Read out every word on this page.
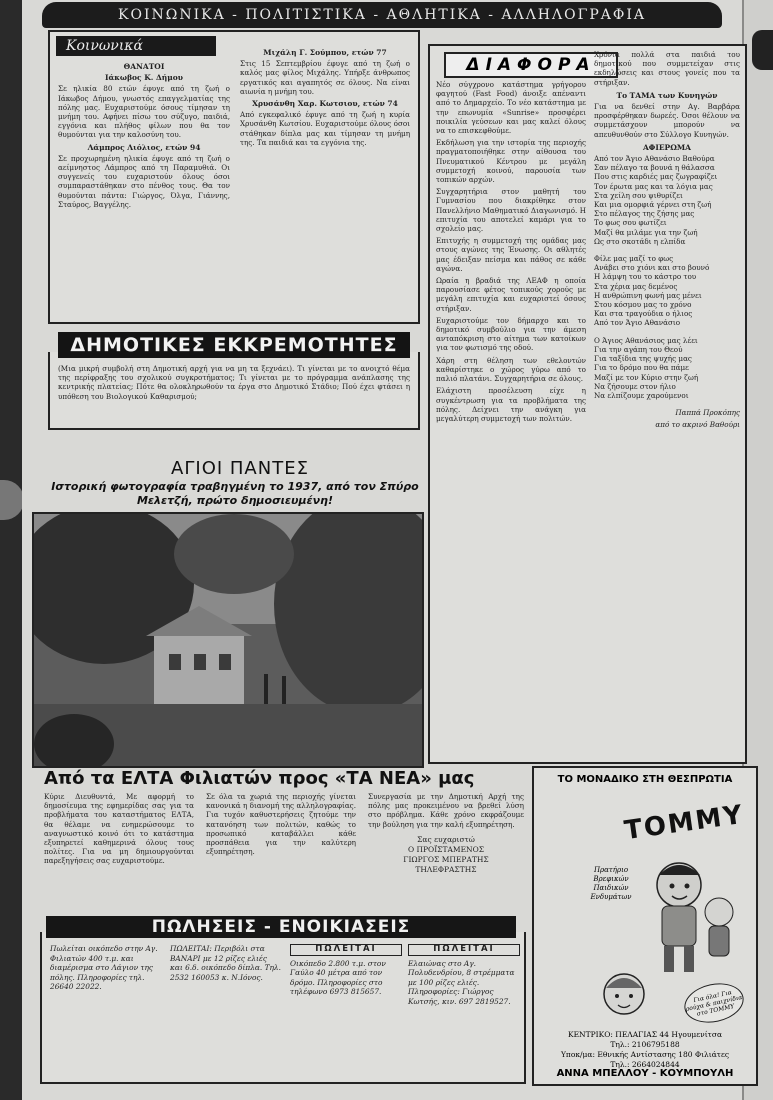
ΚΟΙΝΩΝΙΚΑ - ΠΟΛΙΤΙΣΤΙΚΑ - ΑΘΛΗΤΙΚΑ - ΑΛΛΗΛΟΓΡΑΦΙΑ
Κοινωνικά
ΘΑΝΑΤΟΙ
Ιάκωβος Κ. Δήμου

Σε ηλικία 80 ετών έφυγε από τη ζωή ο Ιάκωβος Δήμου, γνωστός επαγγελματίας της πόλης μας. Ευχαριστούμε όσους τίμησαν τη μνήμη του. Αφήνει πίσω του σύζυγο, παιδιά, εγγόνια και πλήθος φίλων που θα τον θυμούνται για την καλοσύνη του.

Λάμπρος Λιόλιος, ετών 94

Σε προχωρημένη ηλικία έφυγε από τη ζωή ο αείμνηστος Λάμπρος από τη Παραμυθιά. Οι συγγενείς του ευχαριστούν όλους όσοι συμπαραστάθηκαν στο πένθος τους. Θα τον θυμούνται πάντα: Γιώργος, Όλγα, Γιάννης, Σταύρος, Βαγγέλης.

Μιχάλη Γ. Σούμπου, ετών 77

Στις 15 Σεπτεμβρίου έφυγε από τη ζωή ο καλός μας φίλος Μιχάλης. Υπήρξε άνθρωπος εργατικός και αγαπητός σε όλους. Να είναι αιωνία η μνήμη του.

Χρυσάνθη Χαρ. Κωτσιου, ετών 74

Από εγκεφαλικό έφυγε από τη ζωή η κυρία Χρυσάνθη Κωτσίου. Ευχαριστούμε όλους όσοι στάθηκαν δίπλα μας και τίμησαν τη μνήμη της. Τα παιδιά και τα εγγόνια της.

(Μια μικρή συμβολή στη Δημοτική αρχή για να μη τα ξεχνάει). Τι γίνεται με το ανοιχτό θέμα της περίφραξης του σχολικού συγκροτήματος; Τι γίνεται με το πρόγραμμα ανάπλασης της κεντρικής πλατείας; Πότε θα ολοκληρωθούν τα έργα στο Δημοτικό Στάδιο; Πού έχει φτάσει η υπόθεση του Βιολογικού Καθαρισμού;
ΔΗΜΟΤΙΚΕΣ ΕΚΚΡΕΜΟΤΗΤΕΣ
ΑΓΙΟΙ ΠΑΝΤΕΣ
Ιστορική φωτογραφία τραβηγμένη το 1937, από τον Σπύρο Μελετζή, πρώτο δημοσιευμένη!
ΔΙΑΦΟΡΑ

Νέο σύγχρονο κατάστημα γρήγορου φαγητού (Fast Food) άνοιξε απέναντι από το Δημαρχείο. Το νέο κατάστημα με την επωνυμία «Sunrise» προσφέρει ποικιλία γεύσεων και μας καλεί όλους να το επισκεφθούμε.

Εκδήλωση για την ιστορία της περιοχής πραγματοποιήθηκε στην αίθουσα του Πνευματικού Κέντρου με μεγάλη συμμετοχή κοινού, παρουσία των τοπικών αρχών.

Συγχαρητήρια στον μαθητή του Γυμνασίου που διακρίθηκε στον Πανελλήνιο Μαθηματικό Διαγωνισμό. Η επιτυχία του αποτελεί καμάρι για το σχολείο μας.

Επιτυχής η συμμετοχή της ομάδας μας στους αγώνες της Ένωσης. Οι αθλητές μας έδειξαν πείσμα και πάθος σε κάθε αγώνα.

Ωραία η βραδιά της ΛΕΑΦ η οποία παρουσίασε φέτος τοπικούς χορούς με μεγάλη επιτυχία και ευχαριστεί όσους στήριξαν.

Ευχαριστούμε τον δήμαρχο και το δημοτικό συμβούλιο για την άμεση ανταπόκριση στο αίτημα των κατοίκων για τον φωτισμό της οδού.

Χάρη στη θέληση των εθελοντών καθαρίστηκε ο χώρος γύρω από το παλιό πλατάνι. Συγχαρητήρια σε όλους.

Ελάχιστη προσέλευση είχε η συγκέντρωση για τα προβλήματα της πόλης. Δείχνει την ανάγκη για μεγαλύτερη συμμετοχή των πολιτών.

Χρόνια πολλά στα παιδιά του δημοτικού που συμμετείχαν στις εκδηλώσεις και στους γονείς που τα στήριξαν.

Το ΤΑΜΑ των Κυνηγών

Για να δενθεί στην Αγ. Βαρβάρα προσφέρθηκαν δωρεές. Όσοι θέλουν να συμμετάσχουν μπορούν να απευθυνθούν στο Σύλλογο Κυνηγών.

ΑΦΙΕΡΩΜΑ

Από τον Άγιο Αθανάσιο Βαθούρα

Σαν πέλαγο τα βουνά η θάλασσα

Που στις καρδιές μας ζωγραφίζει

Τον έρωτα μας και τα λόγια μας

Στα χείλη σου ψιθυρίζει

Και μια ομορφιά γέρνει στη ζωή

Στο πέλαγος της ζήσης μας

Το φως σου φωτίζει

Μαζί θα μιλάμε για την ζωή

Ως στο σκοτάδι η ελπίδα

Φίλε μας μαζί το φως

Ανάβει στο χιόνι και στο βουνό

Η λάμψη του το κάστρο του

Στα χέρια μας δεμένος

Η ανθρώπινη φωνή μας μένει

Στου κόσμου μας το χρόνο

Και στα τραγούδια ο ήλιος

Από τον Άγιο Αθανάσιο

Ο Άγιος Αθανάσιος μας λέει

Για την αγάπη του Θεού

Για ταξίδια της ψυχής μας

Για το δρόμο που θα πάμε

Μαζί με τον Κύριο στην ζωή

Να ζήσουμε στον ήλιο

Να ελπίζουμε χαρούμενοι

Παππά Προκόπης

από το ακρινό Βαθούρι

Από τα ΕΛΤΑ Φιλιατών προς «ΤΑ ΝΕΑ» μας
Κύριε Διευθυντά, Με αφορμή το δημοσίευμα της εφημερίδας σας για τα προβλήματα του καταστήματος ΕΛΤΑ, θα θέλαμε να ενημερώσουμε το αναγνωστικό κοινό ότι το κατάστημα εξυπηρετεί καθημερινά όλους τους πολίτες. Για να μη δημιουργούνται παρεξηγήσεις σας ευχαριστούμε.
Σε όλα τα χωριά της περιοχής γίνεται κανονικά η διανομή της αλληλογραφίας. Για τυχόν καθυστερήσεις ζητούμε την κατανόηση των πολιτών, καθώς το προσωπικό καταβάλλει κάθε προσπάθεια για την καλύτερη εξυπηρέτηση.

Συνεργασία με την Δημοτική Αρχή της πόλης μας προκειμένου να βρεθεί λύση στο πρόβλημα. Κάθε χρόνο εκφράζουμε την βούληση για την καλή εξυπηρέτηση.

Σας ευχαριστώ
Ο ΠΡΟΪΣΤΑΜΕΝΟΣ
ΓΙΩΡΓΟΣ ΜΠΕΡΑΤΗΣ
ΤΗΛΕΦΡΑΣΤΗΣ
Πωλείται οικόπεδο στην Αγ. Φιλιατών 400 τ.μ. και διαμέρισμα στο Λάγιον της πόλης. Πληροφορίες τηλ. 26640 22022.
ΠΩΛΕΙΤΑΙ: Περιβόλι στα ΒΑΝΑΡΙ με 12 ρίζες ελιές και 6.δ. οικόπεδο δίπλα. Τηλ. 2532 160053 κ. Ν.Ιόνος.
ΠΩΛΕΙΤΑΙ
Οικόπεδο 2.800 τ.μ. στον Γαύλο 40 μέτρα από τον δρόμο. Πληροφορίες στο τηλέφωνο 6973 815657.
ΠΩΛΕΙΤΑΙ
Ελαιώνας στο Αγ. Πολυδενδρίου, 8 στρέμματα με 100 ρίζες ελιές. Πληροφορίες: Γιώργος Κωτσής, κιν. 697 2819527.
ΠΩΛΗΣΕΙΣ - ΕΝΟΙΚΙΑΣΕΙΣ
ΤΟ ΜΟΝΑΔΙΚΟ ΣΤΗ ΘΕΣΠΡΩΤΙΑ
TOMMY
Πρατήριο Βρεφικών Παιδικών Ενδυμάτων
Για όλα! Για ρούχα & παιχνίδια στο TOMMY
ΚΕΝΤΡΙΚΟ: ΠΕΛΑΓΙΑΣ 44 Ηγουμενίτσα
Τηλ.: 2106795188
Υποκ/μα: Εθνικής Αντίστασης 180 Φιλιάτες
Τηλ.: 2664024844
ΑΝΝΑ ΜΠΕΛΛΟΥ - ΚΟΥΜΠΟΥΛΗ
